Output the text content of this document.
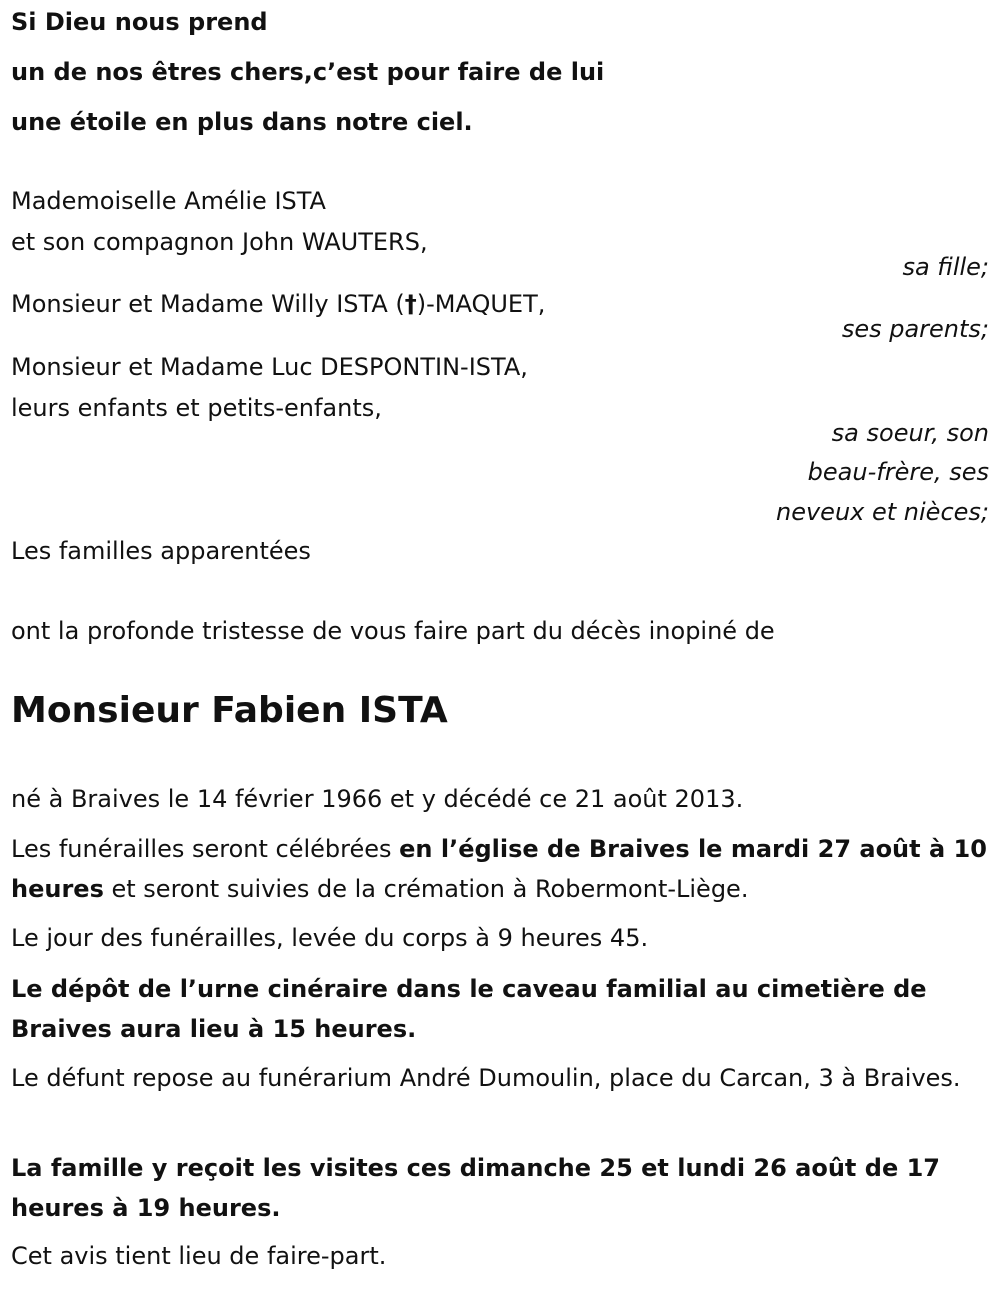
Si Dieu nous prend

un de nos êtres chers,c’est pour faire de lui

une étoile en plus dans notre ciel.

Mademoiselle Amélie ISTA

et son compagnon John WAUTERS,

sa fille;

Monsieur et Madame Willy ISTA (†)-MAQUET,

ses parents;

Monsieur et Madame Luc DESPONTIN-ISTA,

leurs enfants et petits-enfants,

sa soeur, son

beau-frère, ses

neveux et nièces;

Les familles apparentées

ont la profonde tristesse de vous faire part du décès inopiné de

Monsieur Fabien ISTA

né à Braives le 14 février 1966 et y décédé ce 21 août 2013.

Les funérailles seront célébrées en l’église de Braives le mardi 27 août à 10 heures et seront suivies de la crémation à Robermont-Liège.

Le jour des funérailles, levée du corps à 9 heures 45.

Le dépôt de l’urne cinéraire dans le caveau familial au cimetière de Braives aura lieu à 15 heures.

Le défunt repose au funérarium André Dumoulin, place du Carcan, 3 à Braives.

La famille y reçoit les visites ces dimanche 25 et lundi 26 août de 17 heures à 19 heures.

Cet avis tient lieu de faire-part.
